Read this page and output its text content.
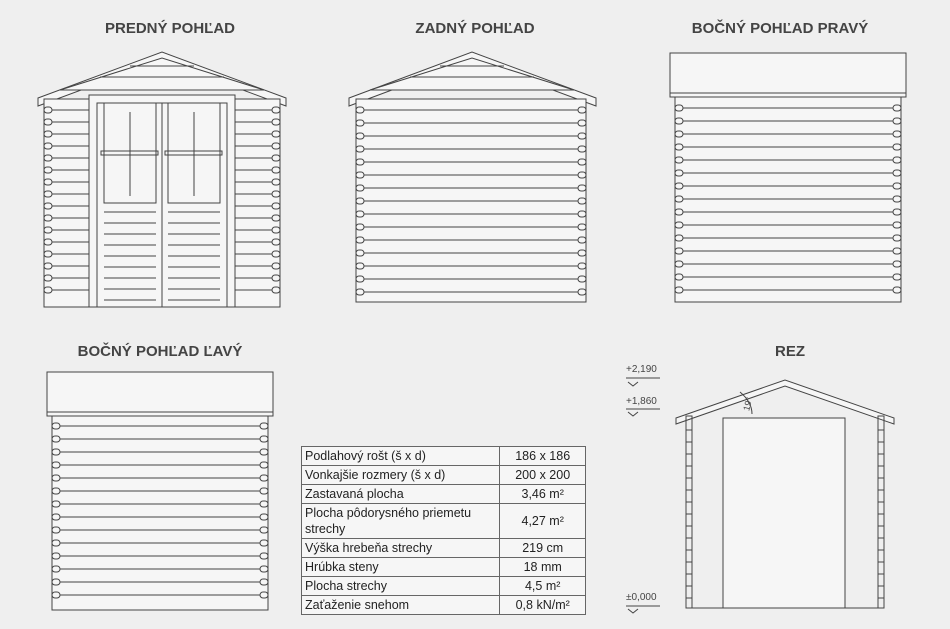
PREDNÝ POHĽAD	ZADNÝ POHĽAD	BOČNÝ POHĽAD PRAVÝ
BOČNÝ POHĽAD ĽAVÝ	REZ
+2,190
+1,860
±0,000
19°
Podlahový rošt (š x d)	186 x 186
Vonkajšie rozmery (š x d)	200 x 200
Zastavaná plocha	3,46 m²
Plocha pôdorysného priemetu strechy	4,27 m²
Výška hrebeňa strechy	219 cm
Hrúbka steny	18 mm
Plocha strechy	4,5 m²
Zaťaženie snehom	0,8 kN/m²
